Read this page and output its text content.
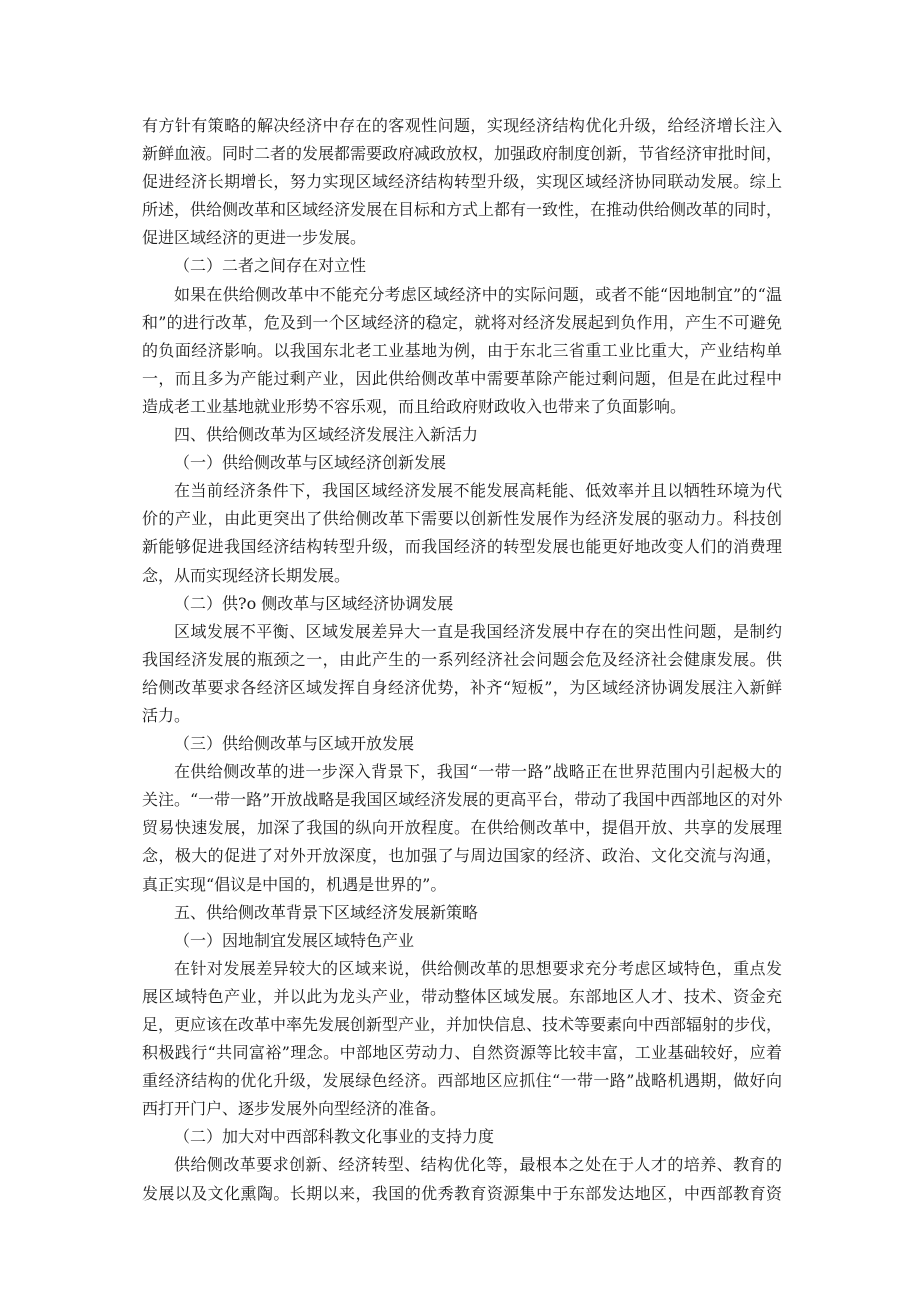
有方针有策略的解决经济中存在的客观性问题，实现经济结构优化升级，给经济增长注入
新鲜血液。同时二者的发展都需要政府减政放权，加强政府制度创新，节省经济审批时间，
促进经济长期增长，努力实现区域经济结构转型升级，实现区域经济协同联动发展。综上
所述，供给侧改革和区域经济发展在目标和方式上都有一致性，在推动供给侧改革的同时，
促进区域经济的更进一步发展。
（二）二者之间存在对立性
如果在供给侧改革中不能充分考虑区域经济中的实际问题，或者不能“因地制宜”的“温
和”的进行改革，危及到一个区域经济的稳定，就将对经济发展起到负作用，产生不可避免
的负面经济影响。以我国东北老工业基地为例，由于东北三省重工业比重大，产业结构单
一，而且多为产能过剩产业，因此供给侧改革中需要革除产能过剩问题，但是在此过程中
造成老工业基地就业形势不容乐观，而且给政府财政收入也带来了负面影响。
四、供给侧改革为区域经济发展注入新活力
（一）供给侧改革与区域经济创新发展
在当前经济条件下，我国区域经济发展不能发展高耗能、低效率并且以牺牲环境为代
价的产业，由此更突出了供给侧改革下需要以创新性发展作为经济发展的驱动力。科技创
新能够促进我国经济结构转型升级，而我国经济的转型发展也能更好地改变人们的消费理
念，从而实现经济长期发展。
（二）供?o 侧改革与区域经济协调发展
区域发展不平衡、区域发展差异大一直是我国经济发展中存在的突出性问题，是制约
我国经济发展的瓶颈之一，由此产生的一系列经济社会问题会危及经济社会健康发展。供
给侧改革要求各经济区域发挥自身经济优势，补齐“短板”，为区域经济协调发展注入新鲜
活力。
（三）供给侧改革与区域开放发展
在供给侧改革的进一步深入背景下，我国“一带一路”战略正在世界范围内引起极大的
关注。“一带一路”开放战略是我国区域经济发展的更高平台，带动了我国中西部地区的对外
贸易快速发展，加深了我国的纵向开放程度。在供给侧改革中，提倡开放、共享的发展理
念，极大的促进了对外开放深度，也加强了与周边国家的经济、政治、文化交流与沟通，
真正实现“倡议是中国的，机遇是世界的”。
五、供给侧改革背景下区域经济发展新策略
（一）因地制宜发展区域特色产业
在针对发展差异较大的区域来说，供给侧改革的思想要求充分考虑区域特色，重点发
展区域特色产业，并以此为龙头产业，带动整体区域发展。东部地区人才、技术、资金充
足，更应该在改革中率先发展创新型产业，并加快信息、技术等要素向中西部辐射的步伐，
积极践行“共同富裕”理念。中部地区劳动力、自然资源等比较丰富，工业基础较好，应着
重经济结构的优化升级，发展绿色经济。西部地区应抓住“一带一路”战略机遇期，做好向
西打开门户、逐步发展外向型经济的准备。
（二）加大对中西部科教文化事业的支持力度
供给侧改革要求创新、经济转型、结构优化等，最根本之处在于人才的培养、教育的
发展以及文化熏陶。长期以来，我国的优秀教育资源集中于东部发达地区，中西部教育资
